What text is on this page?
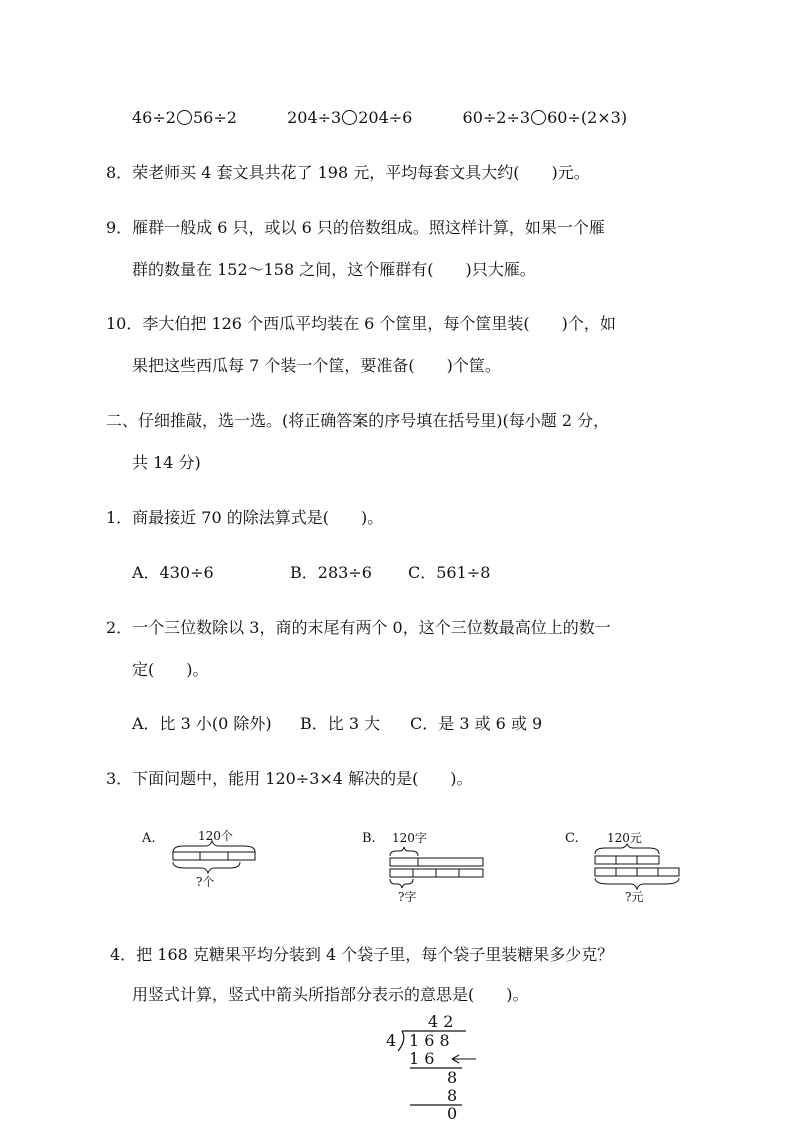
46÷2 56÷2	204÷3 204÷6	60÷2÷3 60÷(2×3)
8．荣老师买 4 套文具共花了 198 元，平均每套文具大约(　　)元。
9．雁群一般成 6 只，或以 6 只的倍数组成。照这样计算，如果一个雁
群的数量在 152～158 之间，这个雁群有(　　)只大雁。
10．李大伯把 126 个西瓜平均装在 6 个筐里，每个筐里装(　　)个，如
果把这些西瓜每 7 个装一个筐，要准备(　　)个筐。
二、仔细推敲，选一选。(将正确答案的序号填在括号里)(每小题 2 分，
共 14 分)
1．商最接近 70 的除法算式是(　　)。
A．430÷6	B．283÷6 C．561÷8
2．一个三位数除以 3，商的末尾有两个 0，这个三位数最高位上的数一
定(　　)。
A．比 3 小(0 除外) B．比 3 大 C．是 3 或 6 或 9
3．下面问题中，能用 120÷3×4 解决的是(　　)。
A.	120个
?个
B. 120字
?字
C. 120元
?元
4．把 168 克糖果平均分装到 4 个袋子里，每个袋子里装糖果多少克？
用竖式计算，竖式中箭头所指部分表示的意思是(　　)。
4 2
4 1 6 8
1 6
8
8
0
